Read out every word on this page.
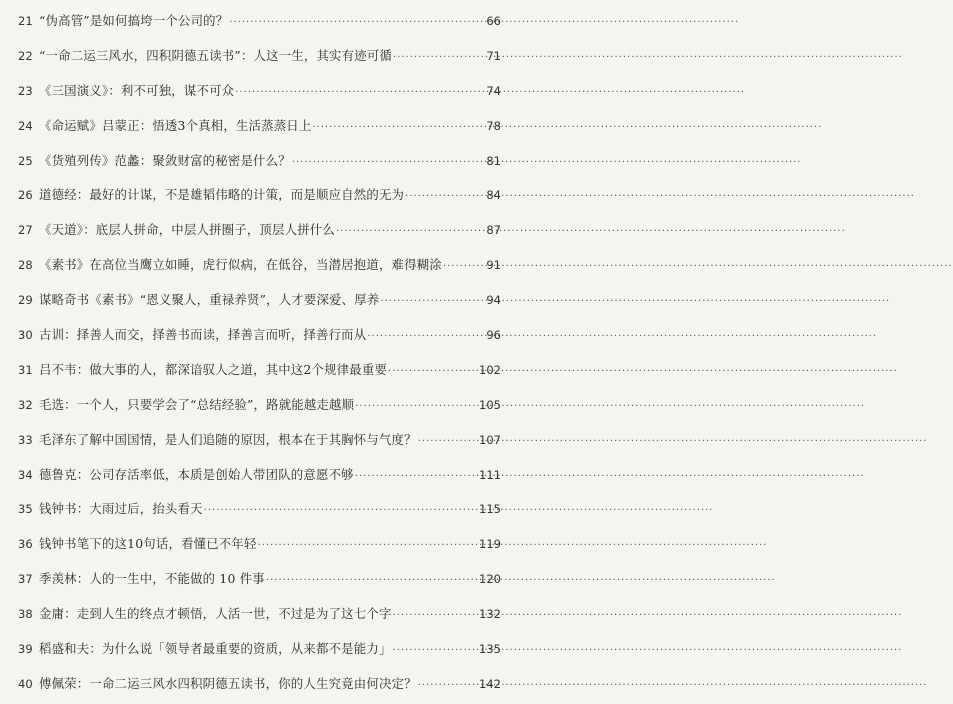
21 “伪高管”是如何搞垮一个公司的？ ·····	66
22 “一命二运三风水，四积阴德五读书”：人这一生，其实有迹可循 ·····	71
23 《三国演义》：利不可独，谋不可众 ·····	74
24 《命运赋》吕蒙正：悟透3个真相，生活蒸蒸日上 ·····	78
25 《货殖列传》范蠡：聚敛财富的秘密是什么？ ·····	81
26 道德经：最好的计谋，不是雄韬伟略的计策，而是顺应自然的无为 ·····	84
27 《天道》：底层人拼命，中层人拼圈子，顶层人拼什么 ·····	87
28 《素书》在高位当鹰立如睡，虎行似病，在低谷，当潜居抱道，难得糊涂 ·····	91
29 谋略奇书《素书》“恩义聚人，重禄养贤”，人才要深爱、厚养 ·····	94
30 古训：择善人而交，择善书而读，择善言而听，择善行而从 ·····	96
31 吕不韦：做大事的人，都深谙驭人之道，其中这2个规律最重要 ·····	102
32 毛选：一个人，只要学会了“总结经验”，路就能越走越顺 ·····	105
33 毛泽东了解中国国情，是人们追随的原因，根本在于其胸怀与气度？ ·····	107
34 德鲁克：公司存活率低，本质是创始人带团队的意愿不够 ·····	111
35 钱钟书：大雨过后，抬头看天 ·····	115
36 钱钟书笔下的这10句话，看懂已不年轻 ·····	119
37 季羡林：人的一生中，不能做的 10 件事 ·····	120
38 金庸：走到人生的终点才顿悟，人活一世，不过是为了这七个字 ·····	132
39 稻盛和夫：为什么说「领导者最重要的资质，从来都不是能力」 ·····	135
40 傅佩荣：一命二运三风水四积阴德五读书，你的人生究竟由何决定？ ·····	142
